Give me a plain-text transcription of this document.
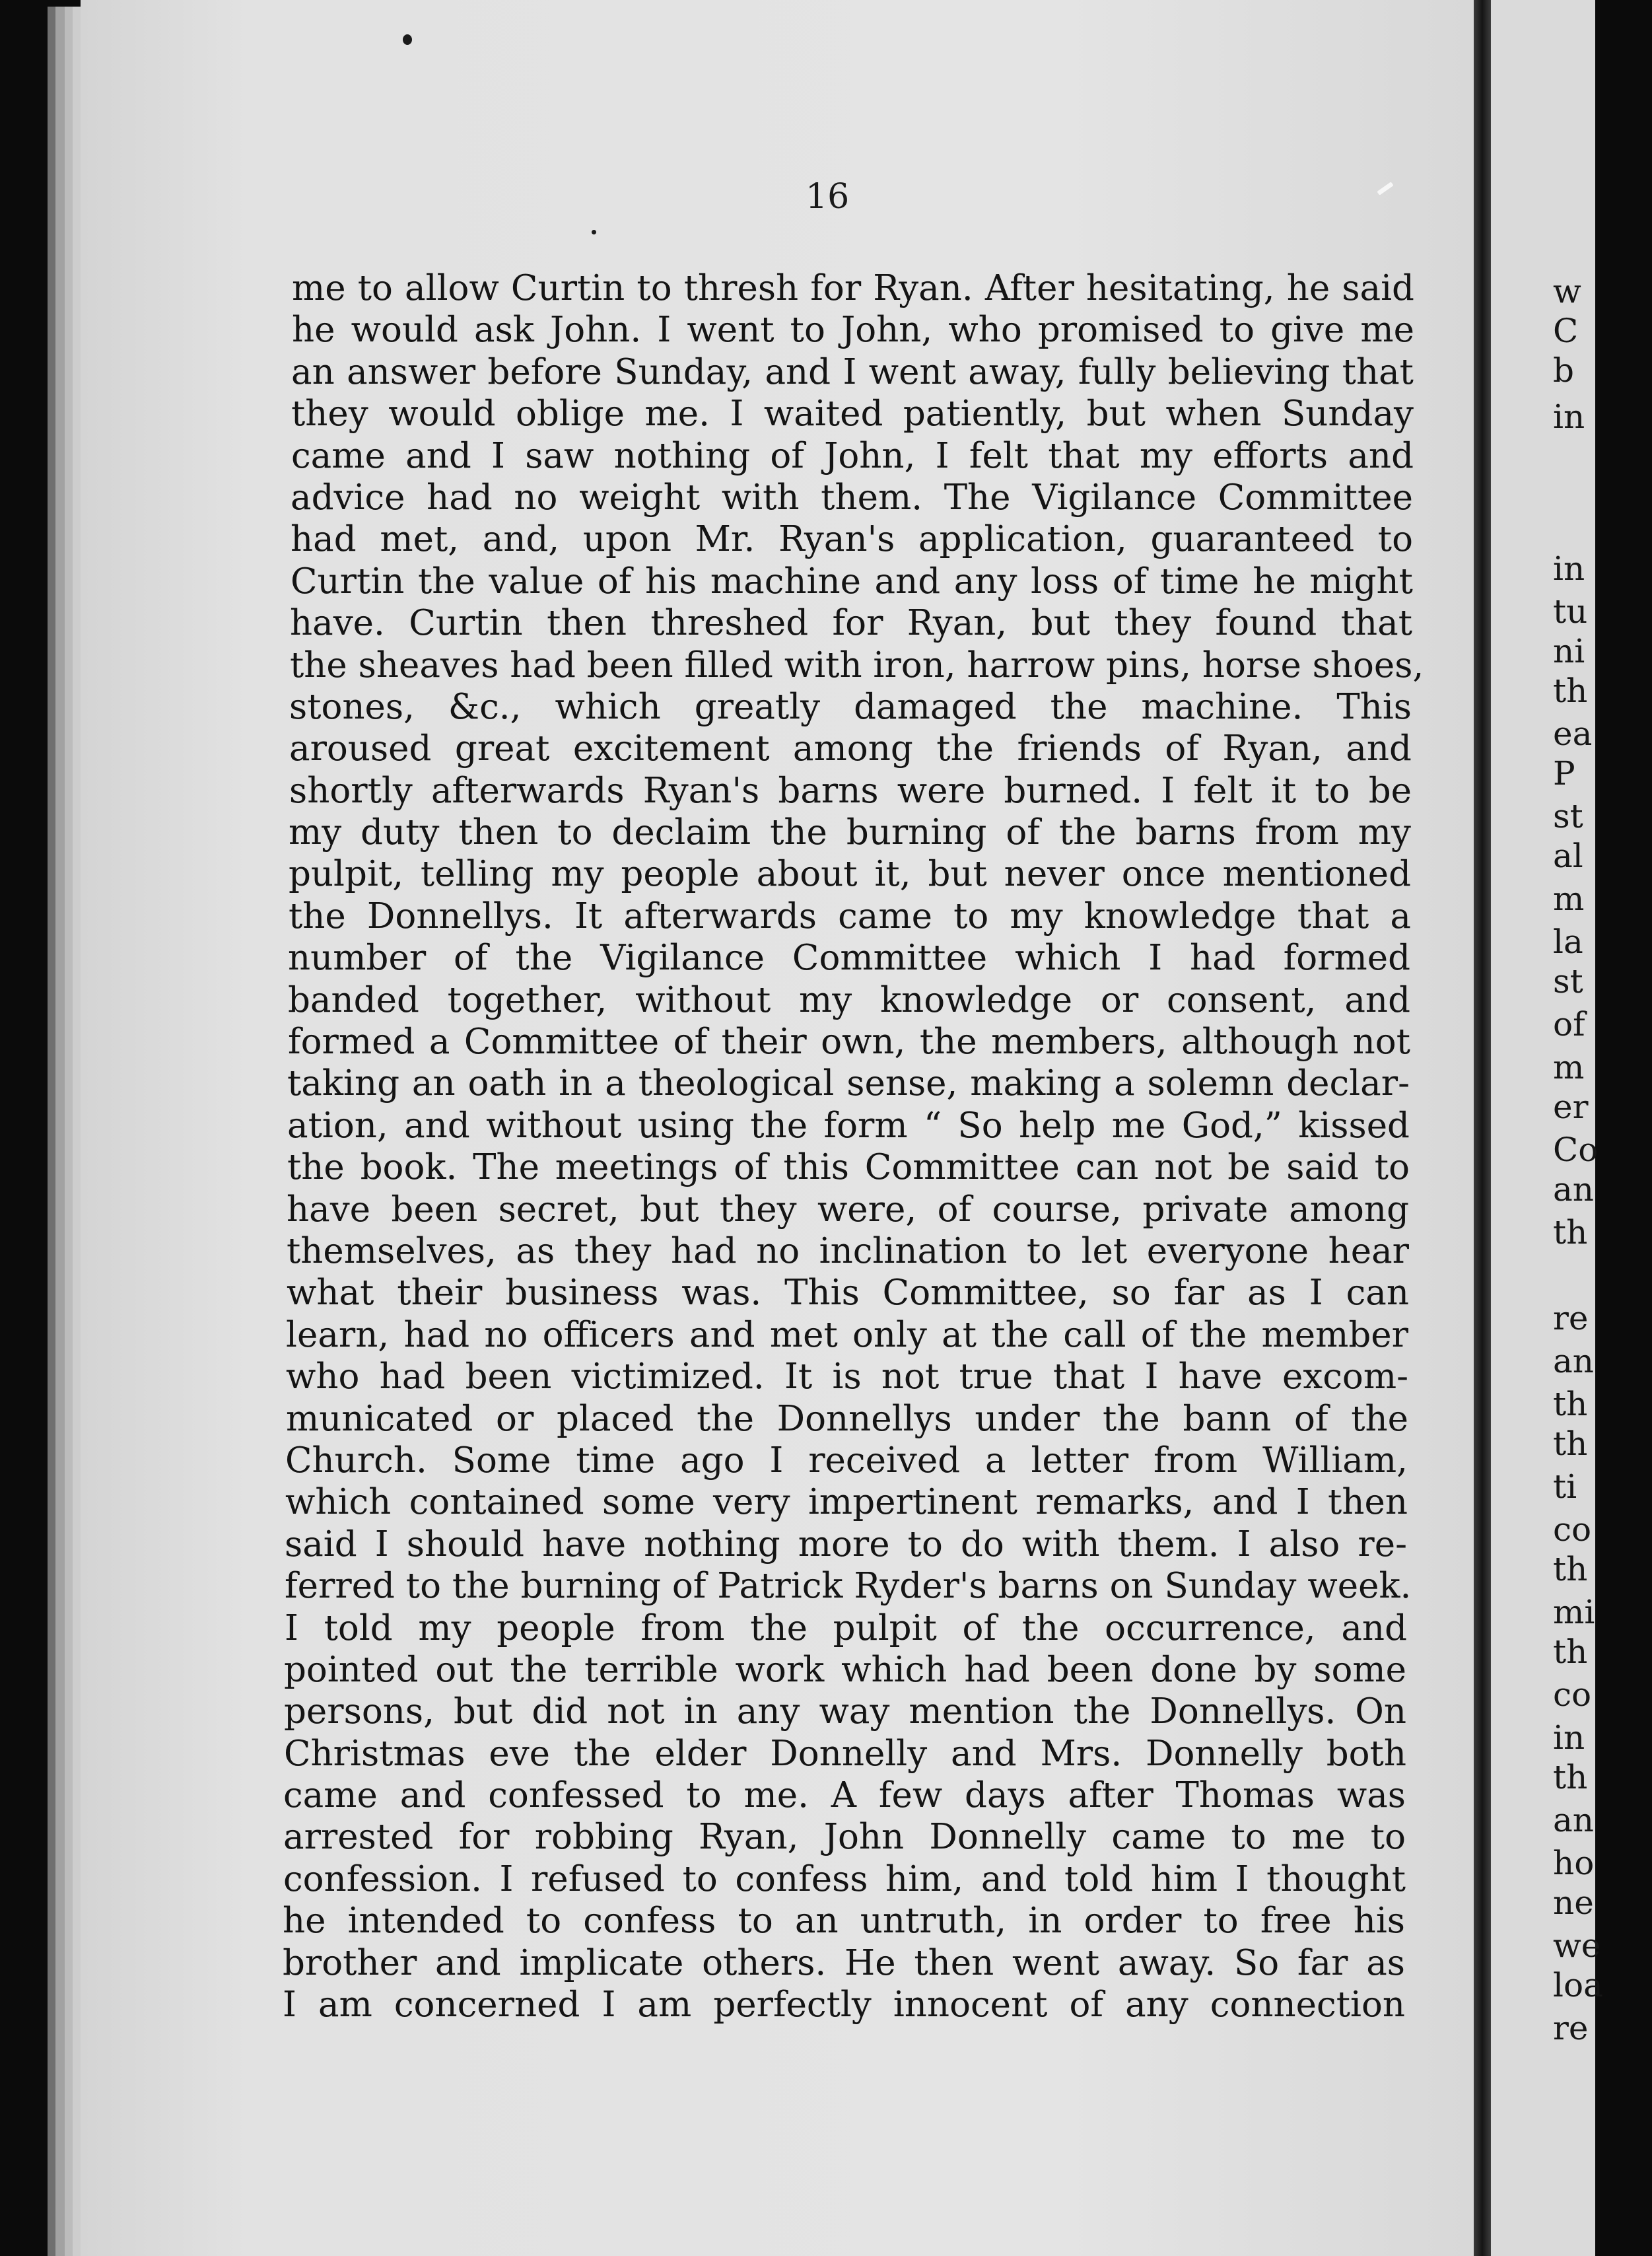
16
me to allow Curtin to thresh for Ryan. After hesitating, he said
he would ask John. I went to John, who promised to give me
an answer before Sunday, and I went away, fully believing that
they would oblige me. I waited patiently, but when Sunday
came and I saw nothing of John, I felt that my efforts and
advice had no weight with them. The Vigilance Committee
had met, and, upon Mr. Ryan's application, guaranteed to
Curtin the value of his machine and any loss of time he might
have. Curtin then threshed for Ryan, but they found that
the sheaves had been filled with iron, harrow pins, horse shoes,
stones, &c., which greatly damaged the machine. This
aroused great excitement among the friends of Ryan, and
shortly afterwards Ryan's barns were burned. I felt it to be
my duty then to declaim the burning of the barns from my
pulpit, telling my people about it, but never once mentioned
the Donnellys. It afterwards came to my knowledge that a
number of the Vigilance Committee which I had formed
banded together, without my knowledge or consent, and
formed a Committee of their own, the members, although not
taking an oath in a theological sense, making a solemn declar-
ation, and without using the form “ So help me God,” kissed
the book. The meetings of this Committee can not be said to
have been secret, but they were, of course, private among
themselves, as they had no inclination to let everyone hear
what their business was. This Committee, so far as I can
learn, had no officers and met only at the call of the member
who had been victimized. It is not true that I have excom-
municated or placed the Donnellys under the bann of the
Church. Some time ago I received a letter from William,
which contained some very impertinent remarks, and I then
said I should have nothing more to do with them. I also re-
ferred to the burning of Patrick Ryder's barns on Sunday week.
I told my people from the pulpit of the occurrence, and
pointed out the terrible work which had been done by some
persons, but did not in any way mention the Donnellys. On
Christmas eve the elder Donnelly and Mrs. Donnelly both
came and confessed to me. A few days after Thomas was
arrested for robbing Ryan, John Donnelly came to me to
confession. I refused to confess him, and told him I thought
he intended to confess to an untruth, in order to free his
brother and implicate others. He then went away. So far as
I am concerned I am perfectly innocent of any connection
w
C
b
in
in
tu
ni
th
ea
P
st
al
m
la
st
of
m
er
Co
an
th
re
an
th
th
ti
co
th
mi
th
co
in
th
an
ho
ne
we
loa
re
